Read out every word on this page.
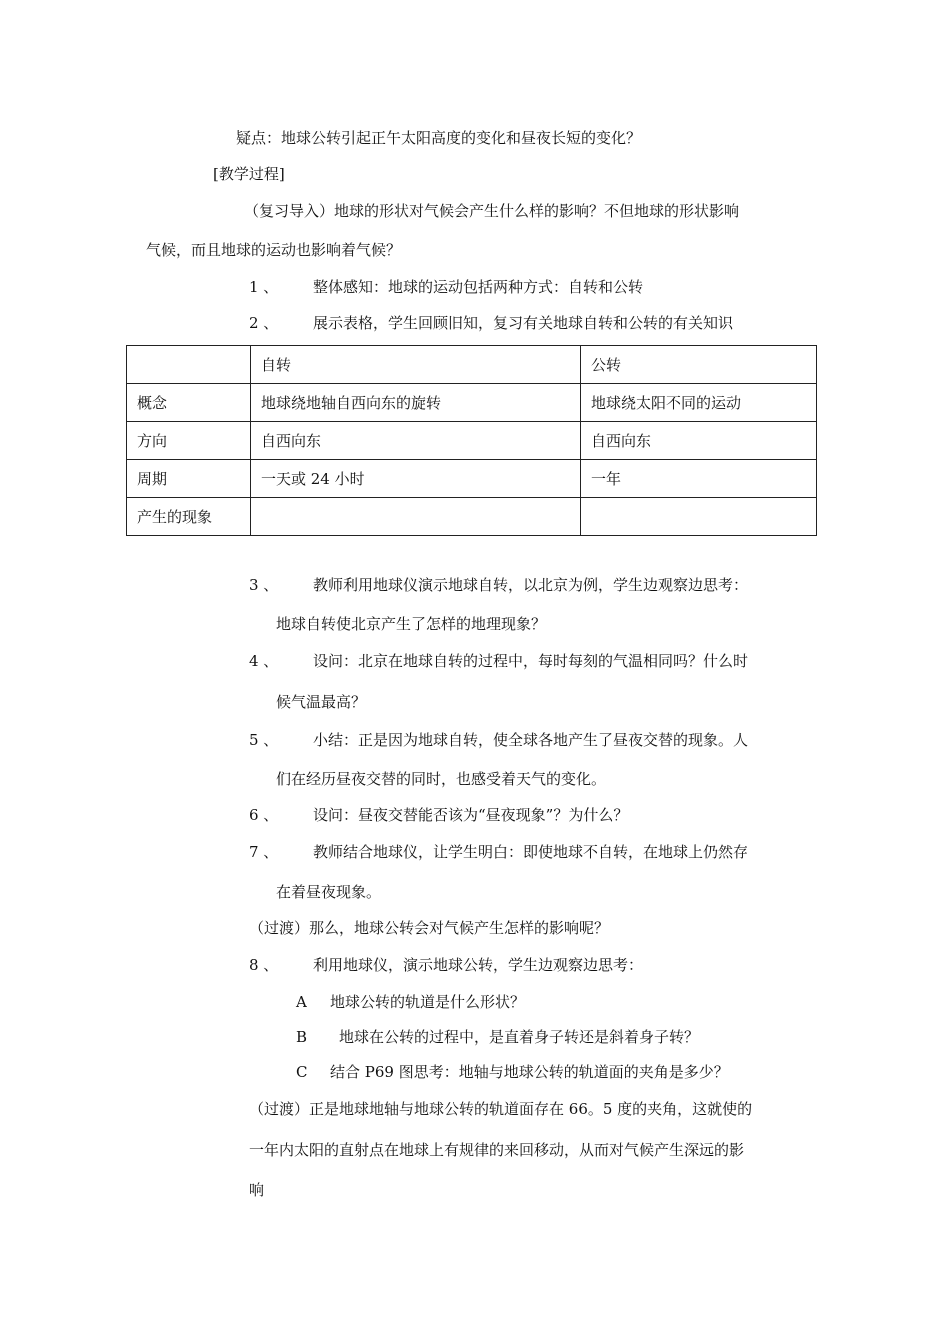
疑点：地球公转引起正午太阳高度的变化和昼夜长短的变化？
[教学过程]
（复习导入）地球的形状对气候会产生什么样的影响？不但地球的形状影响
气候，而且地球的运动也影响着气候？
1 、	整体感知：地球的运动包括两种方式：自转和公转
2 、	展示表格，学生回顾旧知，复习有关地球自转和公转的有关知识
	自转	公转
概念	地球绕地轴自西向东的旋转	地球绕太阳不同的运动
方向	自西向东	自西向东
周期	一天或 24 小时	一年
产生的现象		
3 、	教师利用地球仪演示地球自转，以北京为例，学生边观察边思考：
地球自转使北京产生了怎样的地理现象？
4 、	设问：北京在地球自转的过程中，每时每刻的气温相同吗？什么时
候气温最高？
5 、	小结：正是因为地球自转，使全球各地产生了昼夜交替的现象。人
们在经历昼夜交替的同时，也感受着天气的变化。
6 、	设问：昼夜交替能否该为“昼夜现象”？为什么？
7 、	教师结合地球仪，让学生明白：即使地球不自转，在地球上仍然存
在着昼夜现象。
（过渡）那么，地球公转会对气候产生怎样的影响呢？
8 、	利用地球仪，演示地球公转，学生边观察边思考：
A	地球公转的轨道是什么形状？
B	地球在公转的过程中，是直着身子转还是斜着身子转？
C	结合 P69 图思考：地轴与地球公转的轨道面的夹角是多少？
（过渡）正是地球地轴与地球公转的轨道面存在 66。5 度的夹角，这就使的
一年内太阳的直射点在地球上有规律的来回移动，从而对气候产生深远的影
响
